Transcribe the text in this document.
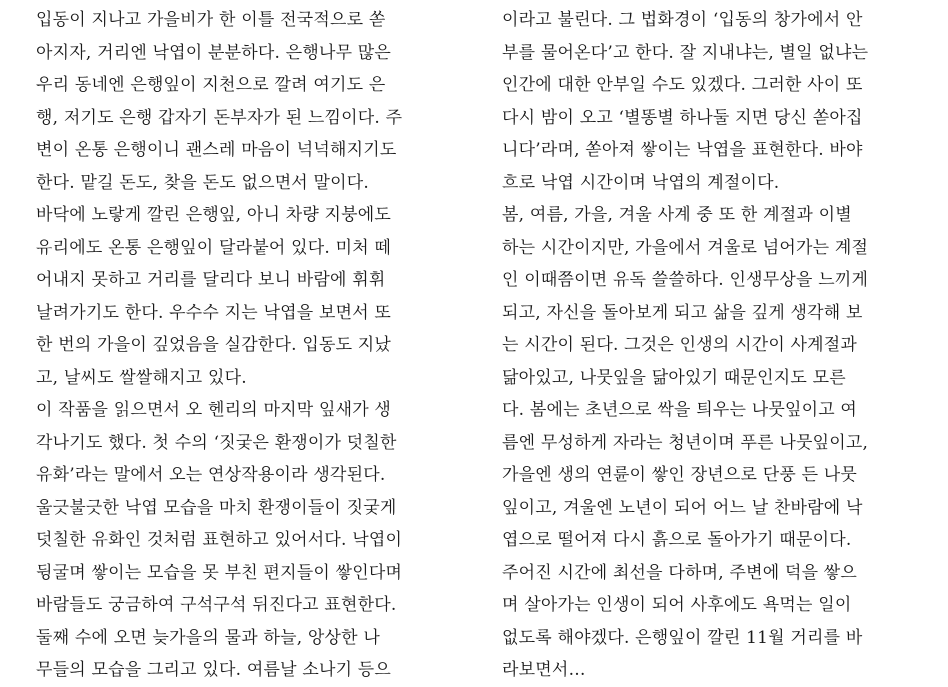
입동이 지나고 가을비가 한 이틀 전국적으로 쏟
아지자, 거리엔 낙엽이 분분하다. 은행나무 많은
우리 동네엔 은행잎이 지천으로 깔려 여기도 은
행, 저기도 은행 갑자기 돈부자가 된 느낌이다. 주
변이 온통 은행이니 괜스레 마음이 넉넉해지기도
한다. 맡길 돈도, 찾을 돈도 없으면서 말이다.
바닥에 노랗게 깔린 은행잎, 아니 차량 지붕에도
유리에도 온통 은행잎이 달라붙어 있다. 미처 떼
어내지 못하고 거리를 달리다 보니 바람에 휘휘
날려가기도 한다. 우수수 지는 낙엽을 보면서 또
한 번의 가을이 깊었음을 실감한다. 입동도 지났
고, 날씨도 쌀쌀해지고 있다.
이 작품을 읽으면서 오 헨리의 마지막 잎새가 생
각나기도 했다. 첫 수의 ‘짓궂은 환쟁이가 덧칠한
유화’라는 말에서 오는 연상작용이라 생각된다.
울긋불긋한 낙엽 모습을 마치 환쟁이들이 짓궂게
덧칠한 유화인 것처럼 표현하고 있어서다. 낙엽이
뒹굴며 쌓이는 모습을 못 부친 편지들이 쌓인다며
바람들도 궁금하여 구석구석 뒤진다고 표현한다.
둘째 수에 오면 늦가을의 물과 하늘, 앙상한 나
무들의 모습을 그리고 있다. 여름날 소나기 등으
이라고 불린다. 그 법화경이 ‘입동의 창가에서 안
부를 물어온다’고 한다. 잘 지내냐는, 별일 없냐는
인간에 대한 안부일 수도 있겠다. 그러한 사이 또
다시 밤이 오고 ‘별똥별 하나둘 지면 당신 쏟아집
니다’라며, 쏟아져 쌓이는 낙엽을 표현한다. 바야
흐로 낙엽 시간이며 낙엽의 계절이다.
봄, 여름, 가을, 겨울 사계 중 또 한 계절과 이별
하는 시간이지만, 가을에서 겨울로 넘어가는 계절
인 이때쯤이면 유독 쓸쓸하다. 인생무상을 느끼게
되고, 자신을 돌아보게 되고 삶을 깊게 생각해 보
는 시간이 된다. 그것은 인생의 시간이 사계절과
닮아있고, 나뭇잎을 닮아있기 때문인지도 모른
다. 봄에는 초년으로 싹을 틔우는 나뭇잎이고 여
름엔 무성하게 자라는 청년이며 푸른 나뭇잎이고,
가을엔 생의 연륜이 쌓인 장년으로 단풍 든 나뭇
잎이고, 겨울엔 노년이 되어 어느 날 찬바람에 낙
엽으로 떨어져 다시 흙으로 돌아가기 때문이다.
주어진 시간에 최선을 다하며, 주변에 덕을 쌓으
며 살아가는 인생이 되어 사후에도 욕먹는 일이
없도록 해야겠다. 은행잎이 깔린 11월 거리를 바
라보면서…
